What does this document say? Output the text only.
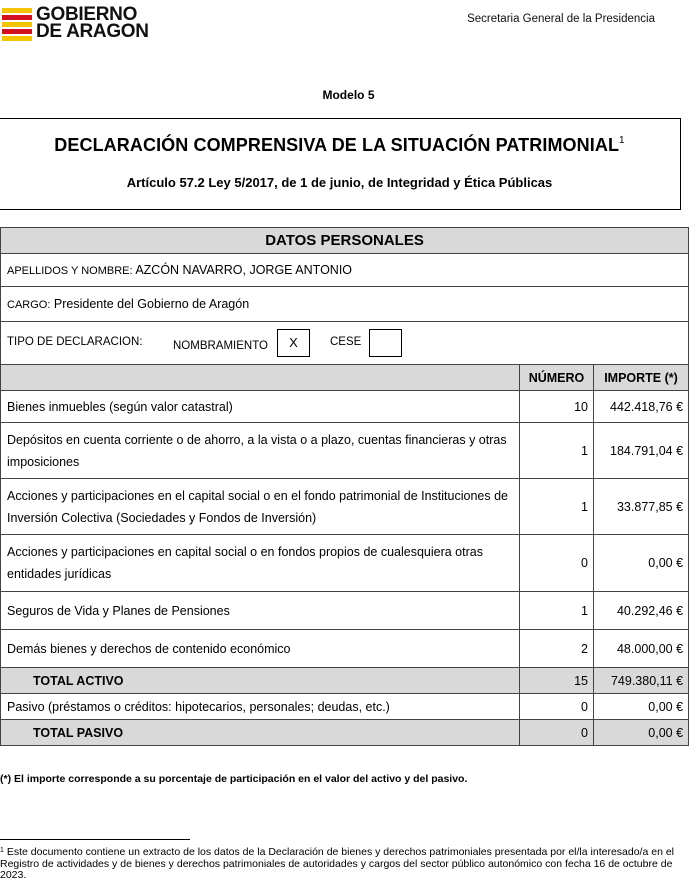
GOBIERNO
DE ARAGON
Secretaria General de la Presidencia
Modelo 5
DECLARACIÓN COMPRENSIVA DE LA SITUACIÓN PATRIMONIAL$^1$
Artículo 57.2 Ley 5/2017, de 1 de junio, de Integridad y Ética Públicas
DATOS PERSONALES		
APELLIDOS Y NOMBRE: AZCÓN NAVARRO, JORGE ANTONIO		
CARGO: Presidente del Gobierno de Aragón		

TIPO DE DECLARACION: NOMBRAMIENTO X CESE		

	NÚMERO	IMPORTE (*)
Bienes inmuebles (según valor catastral)	10	442.418,76 €
Depósitos en cuenta corriente o de ahorro, a la vista o a plazo, cuentas financieras y otras imposiciones	1	184.791,04 €
Acciones y participaciones en el capital social o en el fondo patrimonial de Instituciones de Inversión Colectiva (Sociedades y Fondos de Inversión)	1	33.877,85 €
Acciones y participaciones en capital social o en fondos propios de cualesquiera otras entidades jurídicas	0	0,00 €
Seguros de Vida y Planes de Pensiones	1	40.292,46 €
Demás bienes y derechos de contenido económico	2	48.000,00 €
TOTAL ACTIVO	15	749.380,11 €
Pasivo (préstamos o créditos: hipotecarios, personales; deudas, etc.)	0	0,00 €
TOTAL PASIVO	0	0,00 €
(*) El importe corresponde a su porcentaje de participación en el valor del activo y del pasivo.
$^1$ Este documento contiene un extracto de los datos de la Declaración de bienes y derechos patrimoniales presentada por el/la interesado/a en el Registro de actividades y de bienes y derechos patrimoniales de autoridades y cargos del sector público autonómico con fecha 16 de octubre de 2023.
